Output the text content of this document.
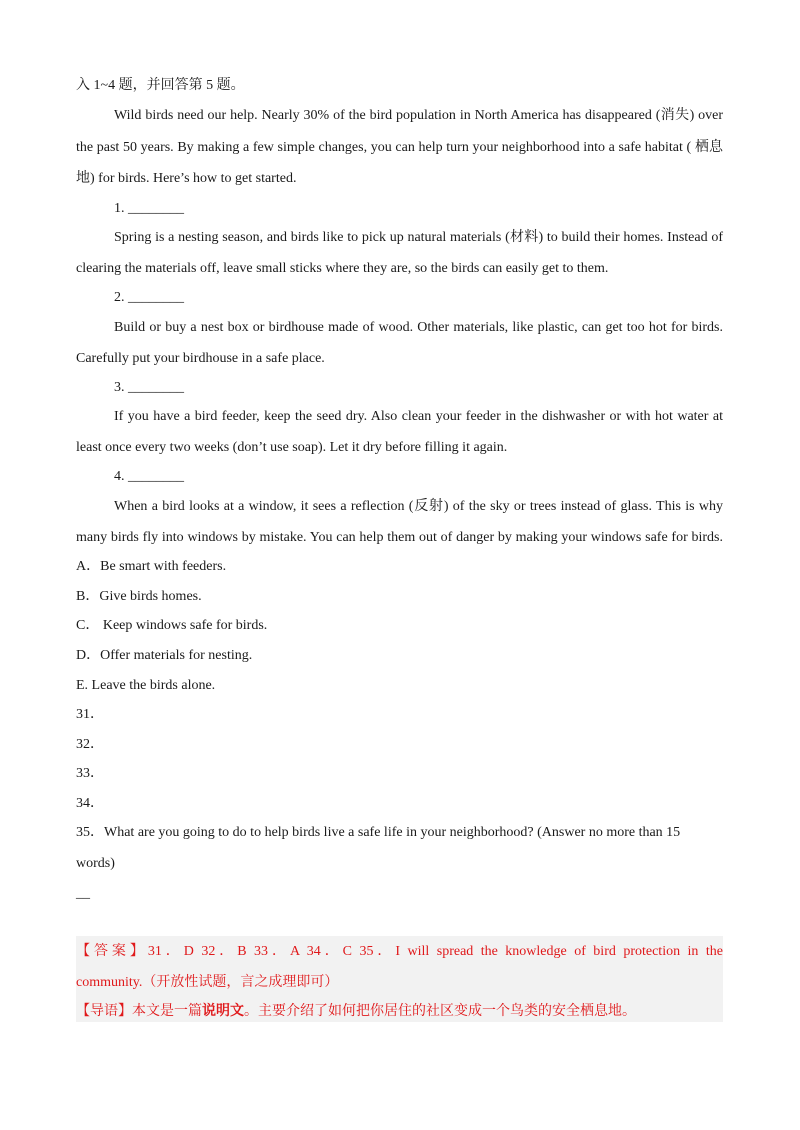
入 1~4 题，并回答第 5 题。
Wild birds need our help. Nearly 30% of the bird population in North America has disappeared (消失) over
the past 50 years. By making a few simple changes, you can help turn your neighborhood into a safe habitat ( 栖息
地) for birds. Here’s how to get started.
1. ________
Spring is a nesting season, and birds like to pick up natural materials (材料) to build their homes. Instead of
clearing the materials off, leave small sticks where they are, so the birds can easily get to them.
2. ________
Build or buy a nest box or birdhouse made of wood. Other materials, like plastic, can get too hot for birds.
Carefully put your birdhouse in a safe place.
3. ________
If you have a bird feeder, keep the seed dry. Also clean your feeder in the dishwasher or with hot water at
least once every two weeks (don’t use soap). Let it dry before filling it again.
4. ________
When a bird looks at a window, it sees a reflection (反射) of the sky or trees instead of glass. This is why
many birds fly into windows by mistake. You can help them out of danger by making your windows safe for birds.
A．Be smart with feeders.
B．Give birds homes.
C． Keep windows safe for birds.
D．Offer materials for nesting.
E. Leave the birds alone.
31．
32．
33．
34．
35．What are you going to do to help birds live a safe life in your neighborhood? (Answer no more than 15
words)
__
【答案】31．D 32．B 33．A 34．C 35．I will spread the knowledge of bird protection in the
community.（开放性试题，言之成理即可）
【导语】本文是一篇说明文。主要介绍了如何把你居住的社区变成一个鸟类的安全栖息地。
